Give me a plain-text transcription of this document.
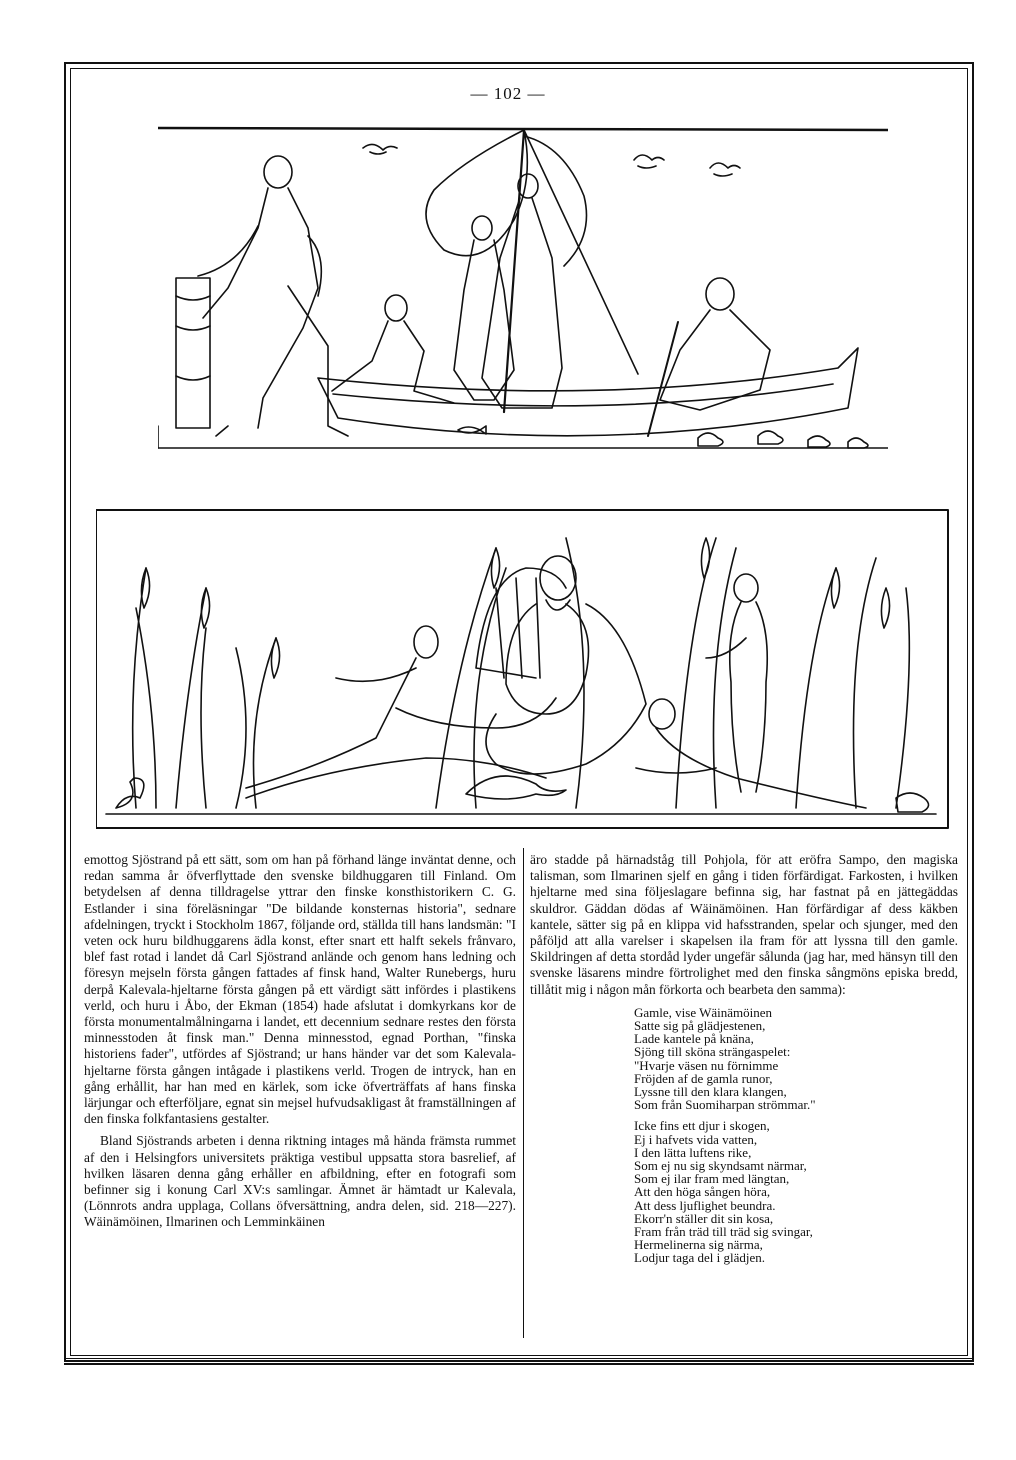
— 102 —

emottog Sjöstrand på ett sätt, som om han på förhand länge inväntat denne, och redan samma år öfverflyttade den svenske bildhuggaren till Finland. Om betydelsen af denna tilldragelse yttrar den finske konsthistorikern C. G. Estlander i sina föreläsningar "De bildande konsternas historia", sednare afdelningen, tryckt i Stockholm 1867, följande ord, ställda till hans landsmän: "I veten ock huru bildhuggarens ädla konst, efter snart ett halft sekels frånvaro, blef fast rotad i landet då Carl Sjöstrand anlände och genom hans ledning och föresyn mejseln första gången fattades af finsk hand, Walter Runebergs, huru derpå Kalevala-hjeltarne första gången på ett värdigt sätt infördes i plastikens verld, och huru i Åbo, der Ekman (1854) hade afslutat i domkyrkans kor de första monumentalmålningarna i landet, ett decennium sednare restes den första minnesstoden åt finsk man." Denna minnesstod, egnad Porthan, "finska historiens fader", utfördes af Sjöstrand; ur hans händer var det som Kalevala-hjeltarne första gången intågade i plastikens verld. Trogen de intryck, han en gång erhållit, har han med en kärlek, som icke öfverträffats af hans finska lärjungar och efterföljare, egnat sin mejsel hufvudsakligast åt framställningen af den finska folkfantasiens gestalter.

Bland Sjöstrands arbeten i denna riktning intages må hända främsta rummet af den i Helsingfors universitets präktiga vestibul uppsatta stora basrelief, af hvilken läsaren denna gång erhåller en afbildning, efter en fotografi som befinner sig i konung Carl XV:s samlingar. Ämnet är hämtadt ur Kalevala, (Lönnrots andra upplaga, Collans öfversättning, andra delen, sid. 218—227). Wäinämöinen, Ilmarinen och Lemminkäinen

äro stadde på härnadståg till Pohjola, för att eröfra Sampo, den magiska talisman, som Ilmarinen sjelf en gång i tiden förfärdigat. Farkosten, i hvilken hjeltarne med sina följeslagare befinna sig, har fastnat på en jättegäddas skuldror. Gäddan dödas af Wäinämöinen. Han förfärdigar af dess käkben kantele, sätter sig på en klippa vid hafsstranden, spelar och sjunger, med den påföljd att alla varelser i skapelsen ila fram för att lyssna till den gamle. Skildringen af detta stordåd lyder ungefär sålunda (jag har, med hänsyn till den svenske läsarens mindre förtrolighet med den finska sångmöns episka bredd, tillåtit mig i någon mån förkorta och bearbeta den samma):

Gamle, vise Wäinämöinen
Satte sig på glädjestenen,
Lade kantele på knäna,
Sjöng till sköna strängaspelet:
"Hvarje väsen nu förnimme
Fröjden af de gamla runor,
Lyssne till den klara klangen,
Som från Suomiharpan strömmar."
Icke fins ett djur i skogen,
Ej i hafvets vida vatten,
I den lätta luftens rike,
Som ej nu sig skyndsamt närmar,
Som ej ilar fram med längtan,
Att den höga sången höra,
Att dess ljuflighet beundra.
Ekorr'n ställer dit sin kosa,
Fram från träd till träd sig svingar,
Hermelinerna sig närma,
Lodjur taga del i glädjen.
